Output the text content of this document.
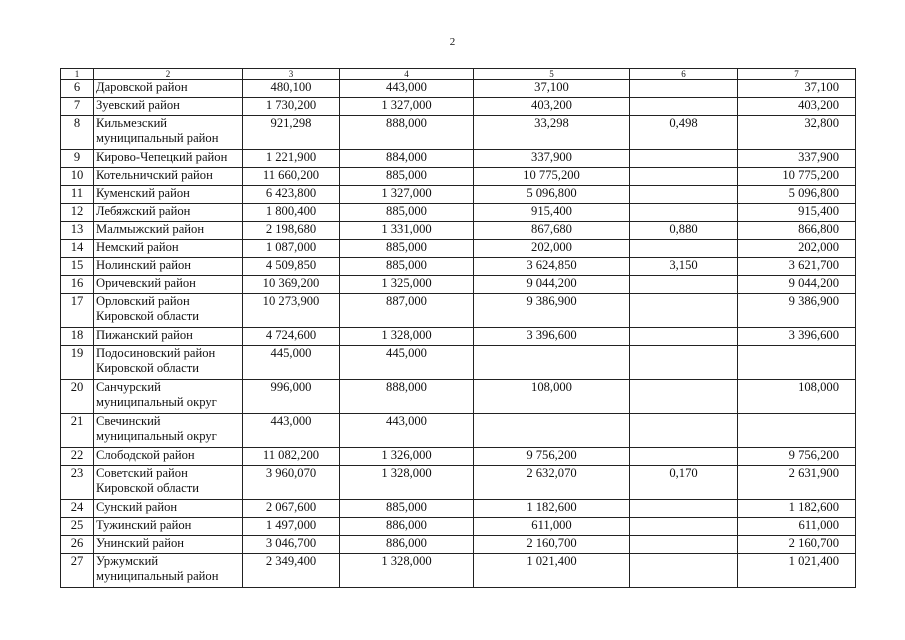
2
1	2	3	4	5	6	7
6	Даровской район	480,100	443,000	37,100		37,100
7	Зуевский район	1 730,200	1 327,000	403,200		403,200
8	Кильмезский
муниципальный район	921,298	888,000	33,298	0,498	32,800
9	Кирово-Чепецкий район	1 221,900	884,000	337,900		337,900
10	Котельничский район	11 660,200	885,000	10 775,200		10 775,200
11	Куменский район	6 423,800	1 327,000	5 096,800		5 096,800
12	Лебяжский район	1 800,400	885,000	915,400		915,400
13	Малмыжский район	2 198,680	1 331,000	867,680	0,880	866,800
14	Немский район	1 087,000	885,000	202,000		202,000
15	Нолинский район	4 509,850	885,000	3 624,850	3,150	3 621,700
16	Оричевский район	10 369,200	1 325,000	9 044,200		9 044,200
17	Орловский район
Кировской области	10 273,900	887,000	9 386,900		9 386,900
18	Пижанский район	4 724,600	1 328,000	3 396,600		3 396,600
19	Подосиновский район
Кировской области	445,000	445,000			
20	Санчурский
муниципальный округ	996,000	888,000	108,000		108,000
21	Свечинский
муниципальный округ	443,000	443,000			
22	Слободской район	11 082,200	1 326,000	9 756,200		9 756,200
23	Советский район
Кировской области	3 960,070	1 328,000	2 632,070	0,170	2 631,900
24	Сунский район	2 067,600	885,000	1 182,600		1 182,600
25	Тужинский район	1 497,000	886,000	611,000		611,000
26	Унинский район	3 046,700	886,000	2 160,700		2 160,700
27	Уржумский
муниципальный район	2 349,400	1 328,000	1 021,400		1 021,400
